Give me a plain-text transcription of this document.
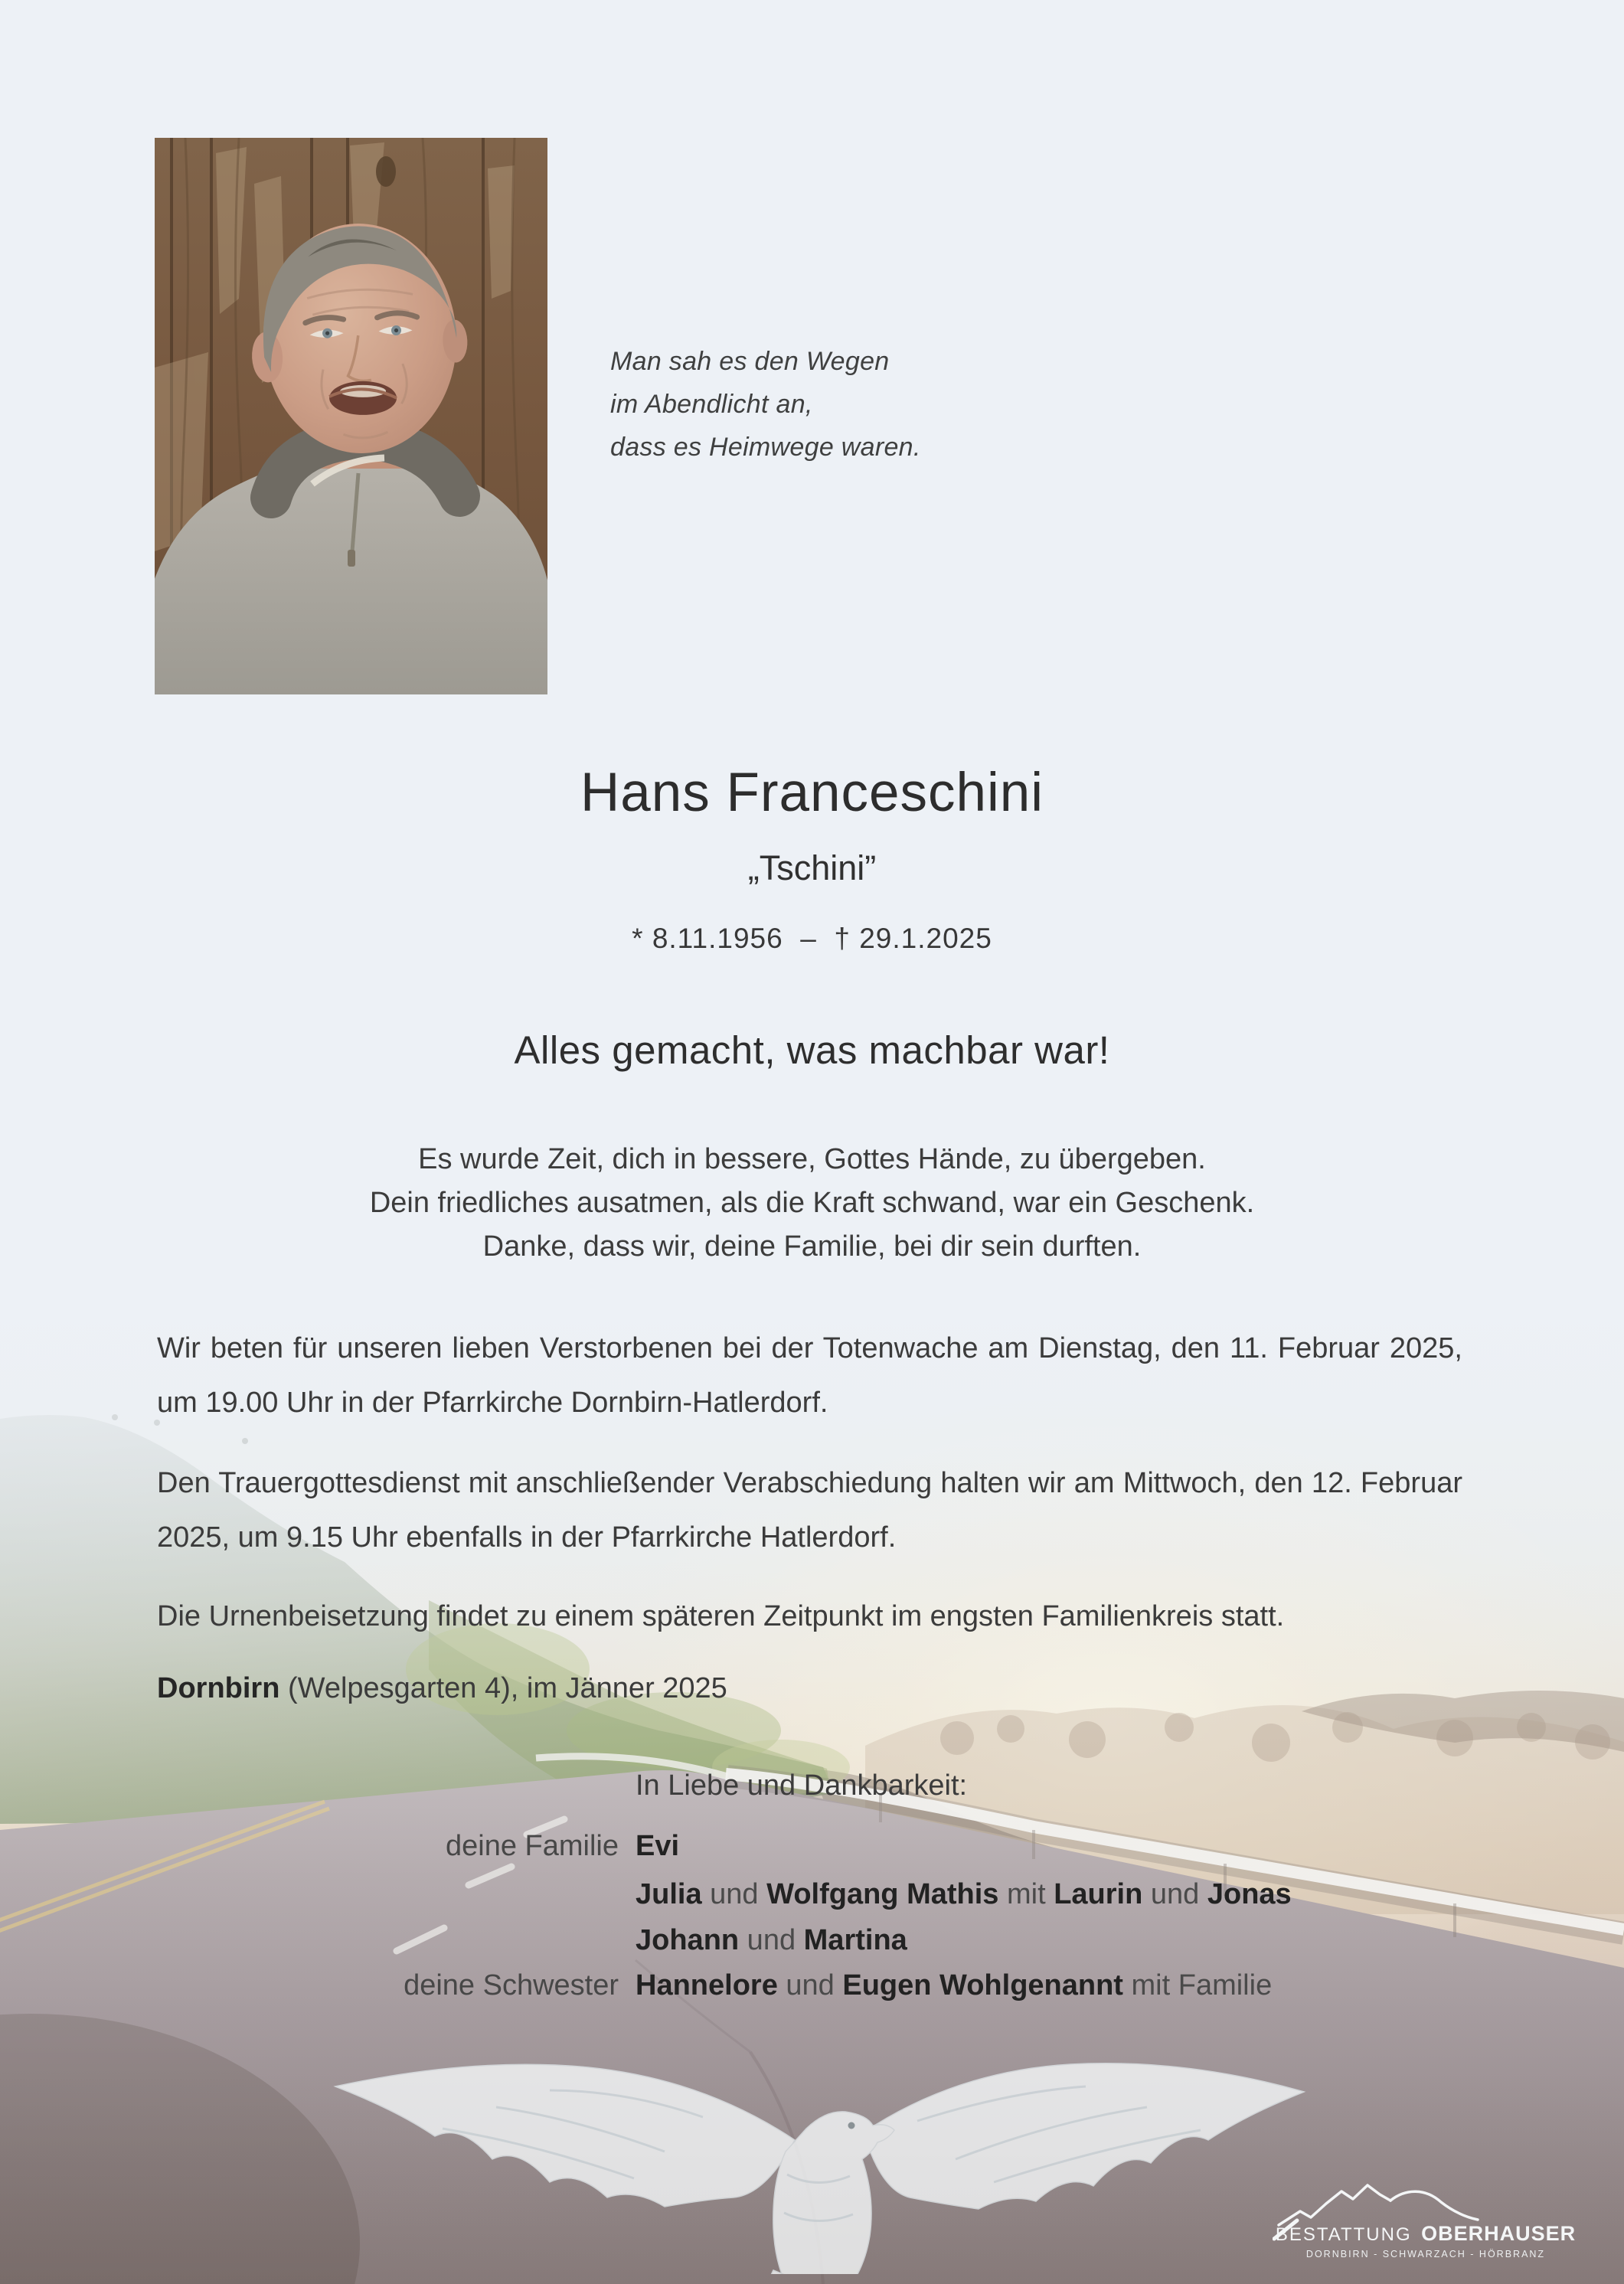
BESTATTUNG OBERHAUSER
DORNBIRN - SCHWARZACH - HÖRBRANZ
Man sah es den Wegen
im Abendlicht an,
dass es Heimwege waren.
Hans Franceschini
„Tschini”
* 8.11.1956  –  † 29.1.2025
Alles gemacht, was machbar war!
Es wurde Zeit, dich in bessere, Gottes Hände, zu übergeben.
Dein friedliches ausatmen, als die Kraft schwand, war ein Geschenk.
Danke, dass wir, deine Familie, bei dir sein durften.

Wir beten für unseren lieben Verstorbenen bei der Totenwache am Dienstag, den 11. Februar 2025, um 19.00 Uhr in der Pfarrkirche Dornbirn-Hatlerdorf.

Den Trauergottesdienst mit anschließender Verabschiedung halten wir am Mittwoch, den 12. Februar 2025, um 9.15 Uhr ebenfalls in der Pfarrkirche Hatlerdorf.

Die Urnenbeisetzung findet zu einem späteren Zeitpunkt im engsten Familienkreis statt.

Dornbirn (Welpesgarten 4), im Jänner 2025
In Liebe und Dankbarkeit:
deine Familie Evi
Julia und Wolfgang Mathis mit Laurin und Jonas
Johann und Martina
deine Schwester Hannelore und Eugen Wohlgenannt mit Familie
